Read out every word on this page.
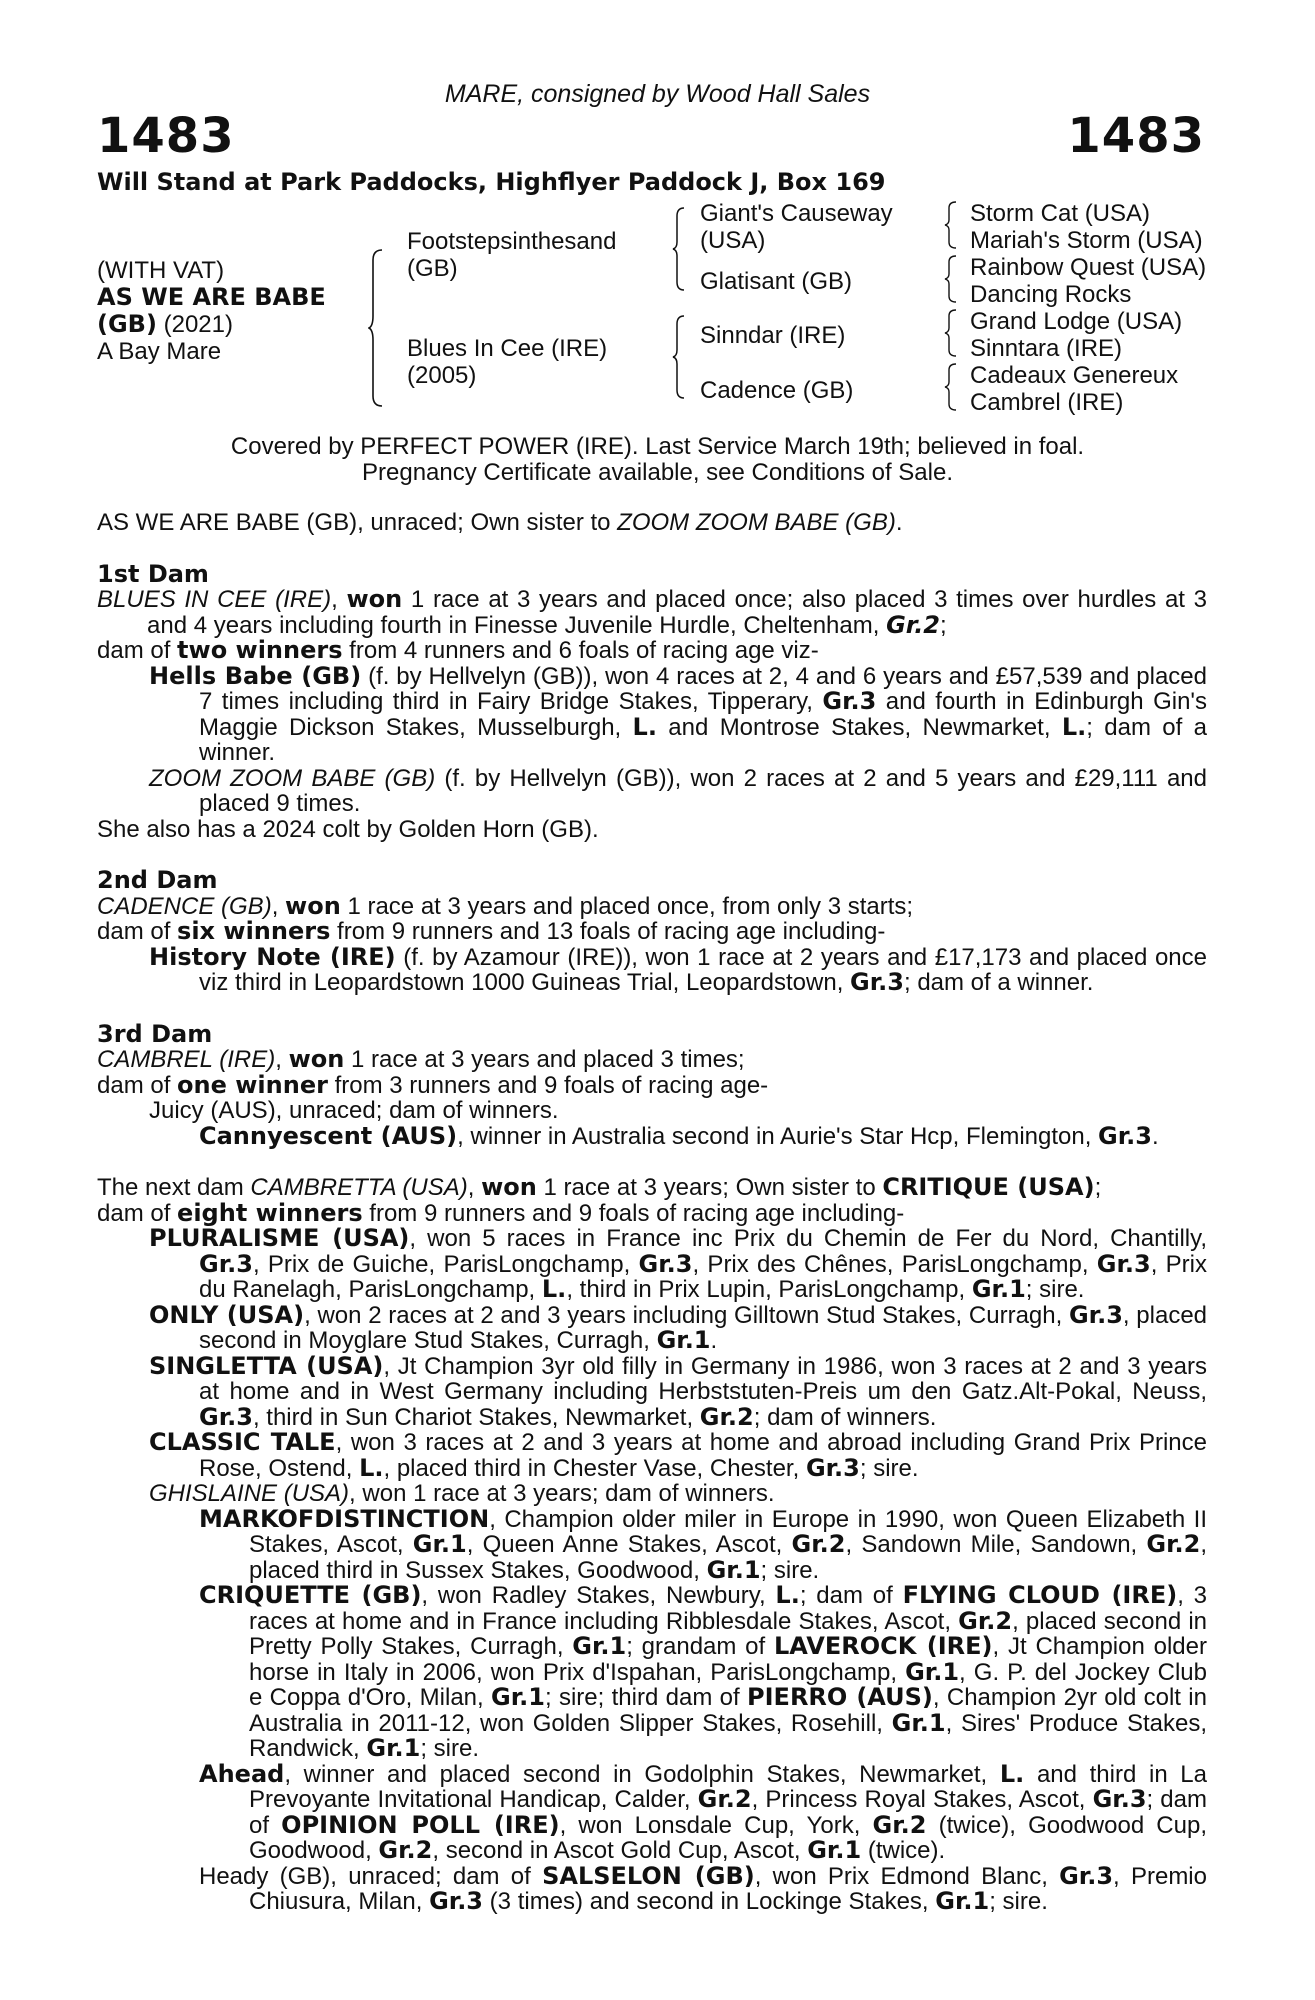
MARE, consigned by Wood Hall Sales
1483	1483
Will Stand at Park Paddocks, Highflyer Paddock J, Box 169
(WITH VAT)
AS WE ARE BABE
(GB) (2021)
A Bay Mare
Footstepsinthesand
(GB)
Blues In Cee (IRE)
(2005)
Giant's Causeway
(USA)
Glatisant (GB)
Sinndar (IRE)
Cadence (GB)
Storm Cat (USA)
Mariah's Storm (USA)
Rainbow Quest (USA)
Dancing Rocks
Grand Lodge (USA)
Sinntara (IRE)
Cadeaux Genereux
Cambrel (IRE)
Covered by PERFECT POWER (IRE). Last Service March 19th; believed in foal.
Pregnancy Certificate available, see Conditions of Sale.
AS WE ARE BABE (GB), unraced; Own sister to ZOOM ZOOM BABE (GB).
1st Dam
BLUES IN CEE (IRE), won 1 race at 3 years and placed once; also placed 3 times over hurdles at 3 and 4 years including fourth in Finesse Juvenile Hurdle, Cheltenham, Gr.2;
dam of two winners from 4 runners and 6 foals of racing age viz-
Hells Babe (GB) (f. by Hellvelyn (GB)), won 4 races at 2, 4 and 6 years and £57,539 and placed 7 times including third in Fairy Bridge Stakes, Tipperary, Gr.3 and fourth in Edinburgh Gin's Maggie Dickson Stakes, Musselburgh, L. and Montrose Stakes, Newmarket, L.; dam of a winner.
ZOOM ZOOM BABE (GB) (f. by Hellvelyn (GB)), won 2 races at 2 and 5 years and £29,111 and placed 9 times.
She also has a 2024 colt by Golden Horn (GB).
2nd Dam
CADENCE (GB), won 1 race at 3 years and placed once, from only 3 starts;
dam of six winners from 9 runners and 13 foals of racing age including-
History Note (IRE) (f. by Azamour (IRE)), won 1 race at 2 years and £17,173 and placed once viz third in Leopardstown 1000 Guineas Trial, Leopardstown, Gr.3; dam of a winner.
3rd Dam
CAMBREL (IRE), won 1 race at 3 years and placed 3 times;
dam of one winner from 3 runners and 9 foals of racing age-
Juicy (AUS), unraced; dam of winners.
Cannyescent (AUS), winner in Australia second in Aurie's Star Hcp, Flemington, Gr.3.
The next dam CAMBRETTA (USA), won 1 race at 3 years; Own sister to CRITIQUE (USA);
dam of eight winners from 9 runners and 9 foals of racing age including-
PLURALISME (USA), won 5 races in France inc Prix du Chemin de Fer du Nord, Chantilly, Gr.3, Prix de Guiche, ParisLongchamp, Gr.3, Prix des Chênes, ParisLongchamp, Gr.3, Prix du Ranelagh, ParisLongchamp, L., third in Prix Lupin, ParisLongchamp, Gr.1; sire.
ONLY (USA), won 2 races at 2 and 3 years including Gilltown Stud Stakes, Curragh, Gr.3, placed second in Moyglare Stud Stakes, Curragh, Gr.1.
SINGLETTA (USA), Jt Champion 3yr old filly in Germany in 1986, won 3 races at 2 and 3 years at home and in West Germany including Herbststuten-Preis um den Gatz.Alt-Pokal, Neuss, Gr.3, third in Sun Chariot Stakes, Newmarket, Gr.2; dam of winners.
CLASSIC TALE, won 3 races at 2 and 3 years at home and abroad including Grand Prix Prince Rose, Ostend, L., placed third in Chester Vase, Chester, Gr.3; sire.
GHISLAINE (USA), won 1 race at 3 years; dam of winners.
MARKOFDISTINCTION, Champion older miler in Europe in 1990, won Queen Elizabeth II Stakes, Ascot, Gr.1, Queen Anne Stakes, Ascot, Gr.2, Sandown Mile, Sandown, Gr.2, placed third in Sussex Stakes, Goodwood, Gr.1; sire.
CRIQUETTE (GB), won Radley Stakes, Newbury, L.; dam of FLYING CLOUD (IRE), 3 races at home and in France including Ribblesdale Stakes, Ascot, Gr.2, placed second in Pretty Polly Stakes, Curragh, Gr.1; grandam of LAVEROCK (IRE), Jt Champion older horse in Italy in 2006, won Prix d'Ispahan, ParisLongchamp, Gr.1, G. P. del Jockey Club e Coppa d'Oro, Milan, Gr.1; sire; third dam of PIERRO (AUS), Champion 2yr old colt in Australia in 2011-12, won Golden Slipper Stakes, Rosehill, Gr.1, Sires' Produce Stakes, Randwick, Gr.1; sire.
Ahead, winner and placed second in Godolphin Stakes, Newmarket, L. and third in La Prevoyante Invitational Handicap, Calder, Gr.2, Princess Royal Stakes, Ascot, Gr.3; dam of OPINION POLL (IRE), won Lonsdale Cup, York, Gr.2 (twice), Goodwood Cup, Goodwood, Gr.2, second in Ascot Gold Cup, Ascot, Gr.1 (twice).
Heady (GB), unraced; dam of SALSELON (GB), won Prix Edmond Blanc, Gr.3, Premio Chiusura, Milan, Gr.3 (3 times) and second in Lockinge Stakes, Gr.1; sire.
